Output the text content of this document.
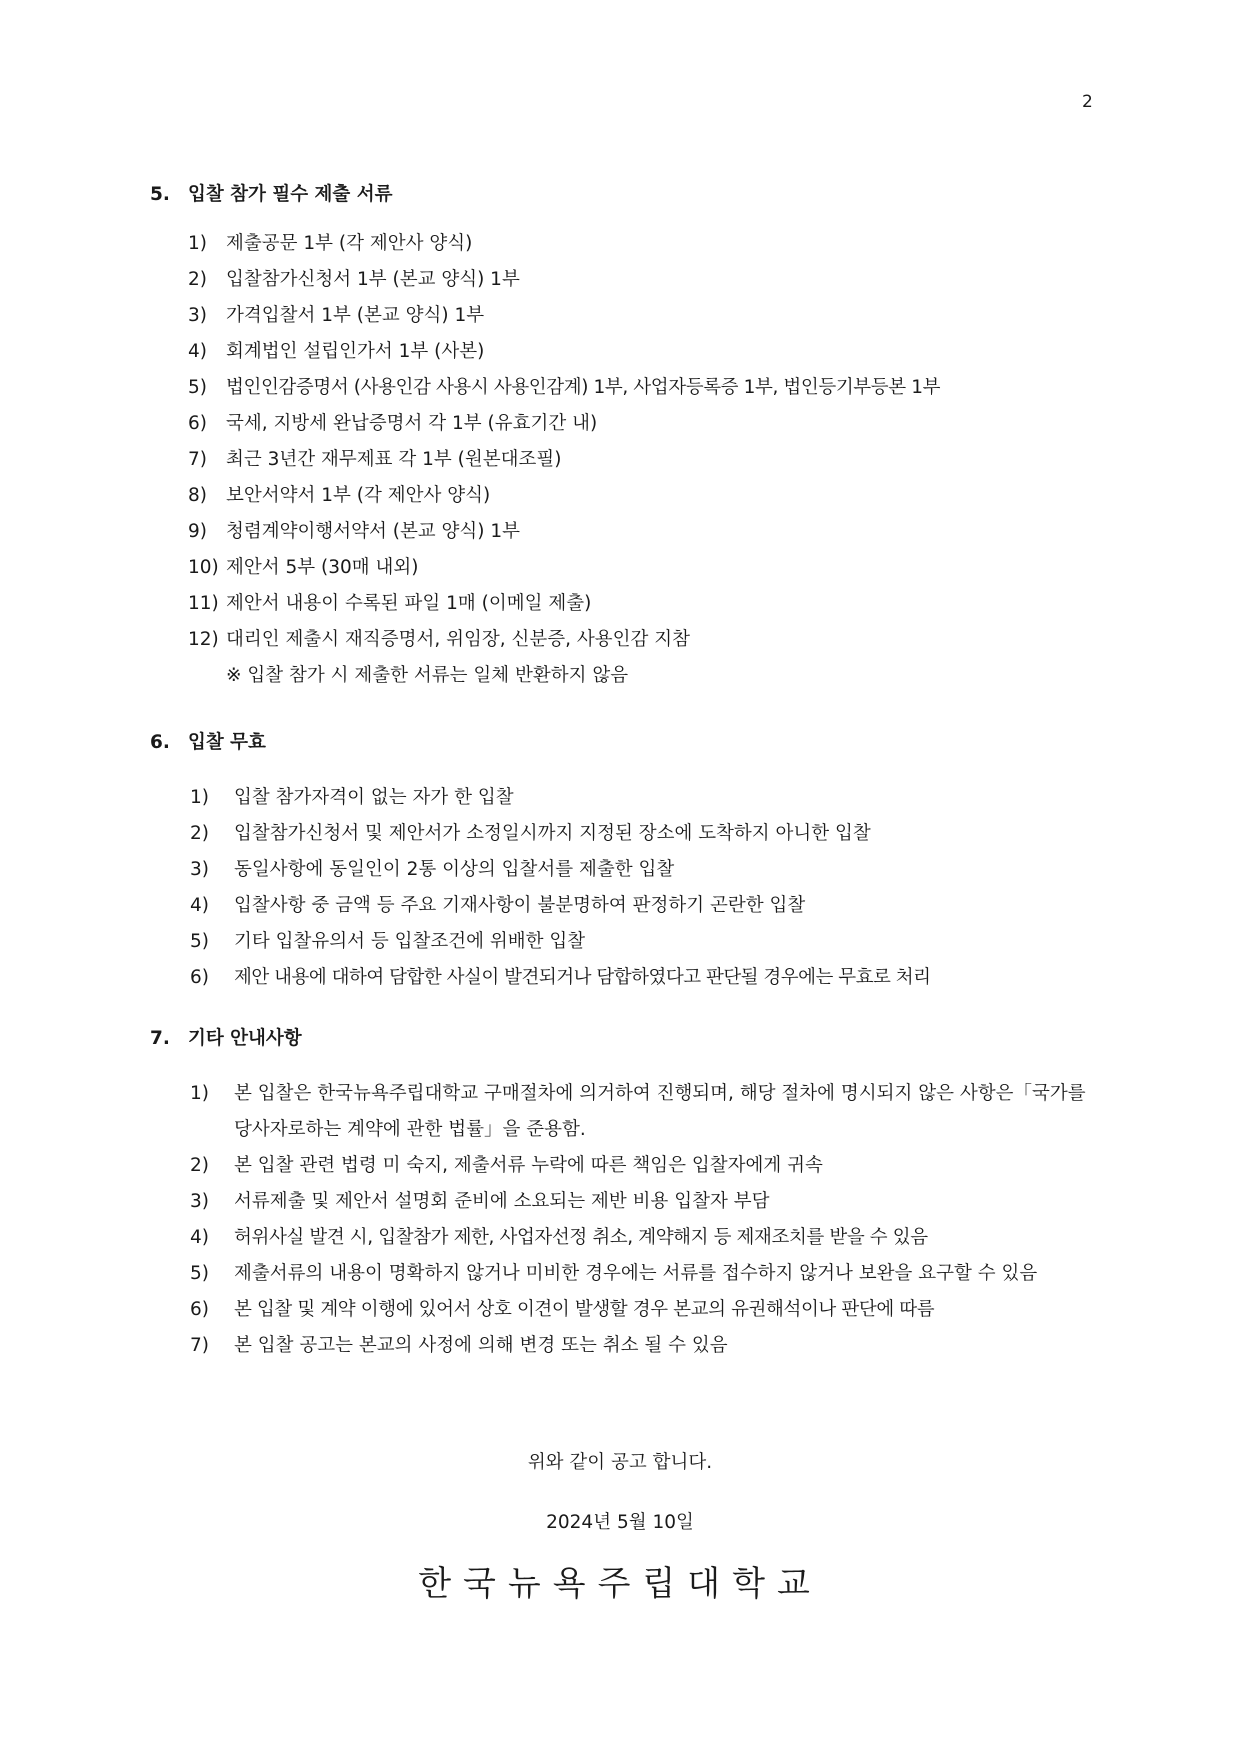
2
5. 입찰 참가 필수 제출 서류
1) 제출공문 1부 (각 제안사 양식)
2) 입찰참가신청서 1부 (본교 양식) 1부
3) 가격입찰서 1부 (본교 양식) 1부
4) 회계법인 설립인가서 1부 (사본)
5) 법인인감증명서 (사용인감 사용시 사용인감계) 1부, 사업자등록증 1부, 법인등기부등본 1부
6) 국세, 지방세 완납증명서 각 1부 (유효기간 내)
7) 최근 3년간 재무제표 각 1부 (원본대조필)
8) 보안서약서 1부 (각 제안사 양식)
9) 청렴계약이행서약서 (본교 양식) 1부
10) 제안서 5부 (30매 내외)
11) 제안서 내용이 수록된 파일 1매 (이메일 제출)
12) 대리인 제출시 재직증명서, 위임장, 신분증, 사용인감 지참
※ 입찰 참가 시 제출한 서류는 일체 반환하지 않음
6. 입찰 무효
1) 입찰 참가자격이 없는 자가 한 입찰
2) 입찰참가신청서 및 제안서가 소정일시까지 지정된 장소에 도착하지 아니한 입찰
3) 동일사항에 동일인이 2통 이상의 입찰서를 제출한 입찰
4) 입찰사항 중 금액 등 주요 기재사항이 불분명하여 판정하기 곤란한 입찰
5) 기타 입찰유의서 등 입찰조건에 위배한 입찰
6) 제안 내용에 대하여 담합한 사실이 발견되거나 담합하였다고 판단될 경우에는 무효로 처리
7. 기타 안내사항
1) 본 입찰은 한국뉴욕주립대학교 구매절차에 의거하여 진행되며, 해당 절차에 명시되지 않은 사항은「국가를 당사자로하는 계약에 관한 법률」을 준용함.
2) 본 입찰 관련 법령 미 숙지, 제출서류 누락에 따른 책임은 입찰자에게 귀속
3) 서류제출 및 제안서 설명회 준비에 소요되는 제반 비용 입찰자 부담
4) 허위사실 발견 시, 입찰참가 제한, 사업자선정 취소, 계약해지 등 제재조치를 받을 수 있음
5) 제출서류의 내용이 명확하지 않거나 미비한 경우에는 서류를 접수하지 않거나 보완을 요구할 수 있음
6) 본 입찰 및 계약 이행에 있어서 상호 이견이 발생할 경우 본교의 유권해석이나 판단에 따름
7) 본 입찰 공고는 본교의 사정에 의해 변경 또는 취소 될 수 있음
위와 같이 공고 합니다.
2024년 5월 10일
한국뉴욕주립대학교
